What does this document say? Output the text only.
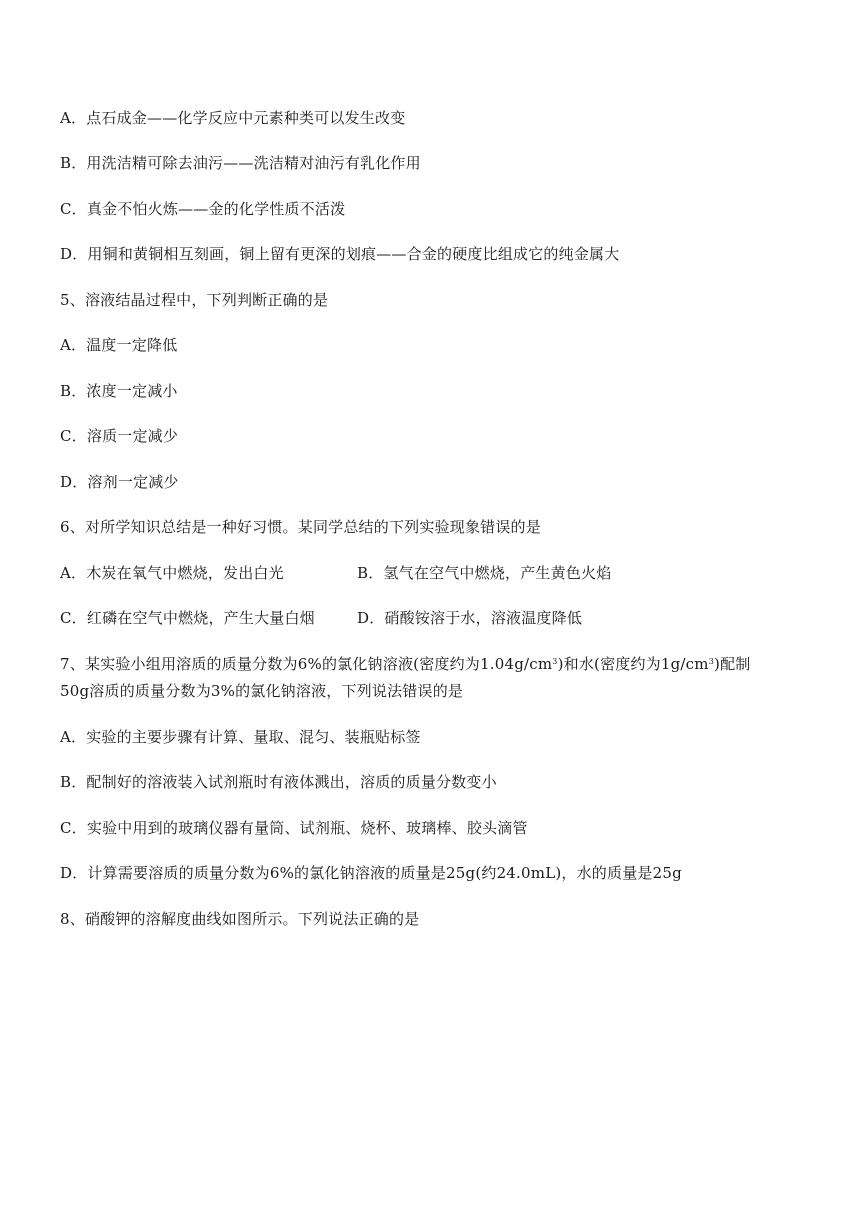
A．点石成金——化学反应中元素种类可以发生改变
B．用洗洁精可除去油污——洗洁精对油污有乳化作用
C．真金不怕火炼——金的化学性质不活泼
D．用铜和黄铜相互刻画，铜上留有更深的划痕——合金的硬度比组成它的纯金属大
5、溶液结晶过程中，下列判断正确的是
A．温度一定降低
B．浓度一定减小
C．溶质一定减少
D．溶剂一定减少
6、对所学知识总结是一种好习惯。某同学总结的下列实验现象错误的是
A．木炭在氧气中燃烧，发出白光	B．氢气在空气中燃烧，产生黄色火焰
C．红磷在空气中燃烧，产生大量白烟	D．硝酸铵溶于水，溶液温度降低
7、某实验小组用溶质的质量分数为6%的氯化钠溶液(密度约为$1.04g/cm^3$)和水(密度约为$1g/cm^3$)配制
50g溶质的质量分数为3%的氯化钠溶液，下列说法错误的是
A．实验的主要步骤有计算、量取、混匀、装瓶贴标签
B．配制好的溶液装入试剂瓶时有液体溅出，溶质的质量分数变小
C．实验中用到的玻璃仪器有量筒、试剂瓶、烧杯、玻璃棒、胶头滴管
D．计算需要溶质的质量分数为6%的氯化钠溶液的质量是25g(约24.0mL)，水的质量是25g
8、硝酸钾的溶解度曲线如图所示。下列说法正确的是
